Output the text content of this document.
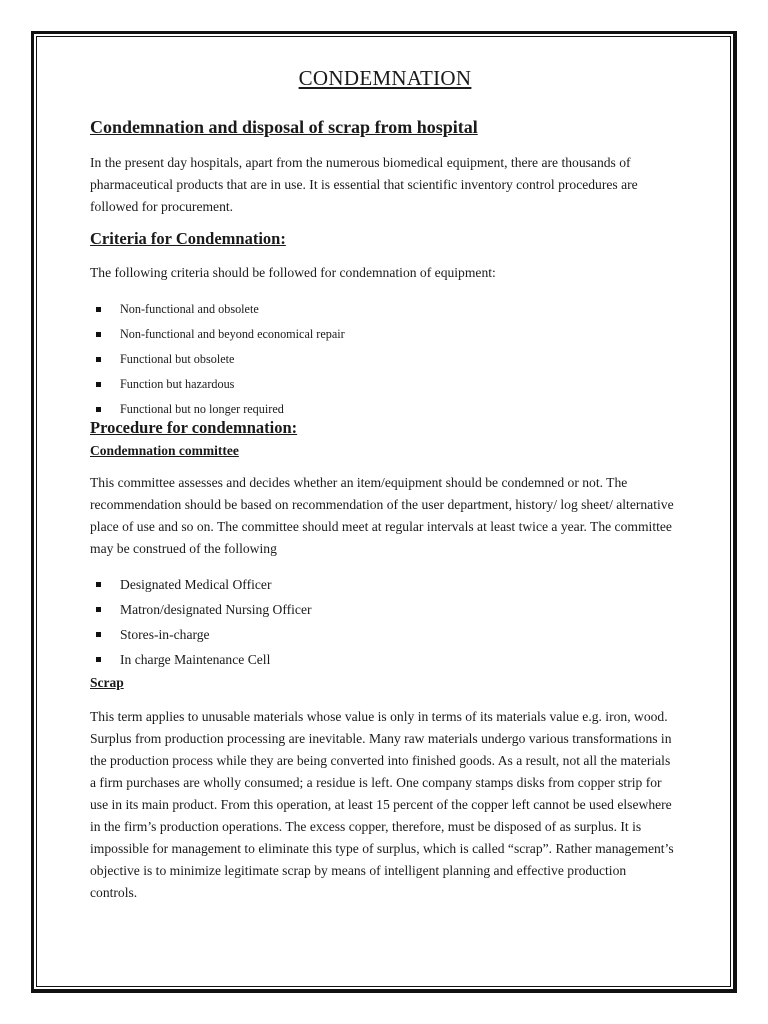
CONDEMNATION
Condemnation and disposal of scrap from hospital

In the present day hospitals, apart from the numerous biomedical equipment, there are thousands of pharmaceutical products that are in use. It is essential that scientific inventory control procedures are followed for procurement.

Criteria for Condemnation:

The following criteria should be followed for condemnation of equipment:

Non-functional and obsolete
Non-functional and beyond economical repair
Functional but obsolete
Function but hazardous
Functional but no longer required
Procedure for condemnation:
Condemnation committee

This committee assesses and decides whether an item/equipment should be condemned or not. The recommendation should be based on recommendation of the user department, history/ log sheet/ alternative place of use and so on. The committee should meet at regular intervals at least twice a year. The committee may be construed of the following

Designated Medical Officer
Matron/designated Nursing Officer
Stores-in-charge
In charge Maintenance Cell
Scrap

This term applies to unusable materials whose value is only in terms of its materials value e.g. iron, wood. Surplus from production processing are inevitable. Many raw materials undergo various transformations in the production process while they are being converted into finished goods. As a result, not all the materials a firm purchases are wholly consumed; a residue is left. One company stamps disks from copper strip for use in its main product. From this operation, at least 15 percent of the copper left cannot be used elsewhere in the firm’s production operations. The excess copper, therefore, must be disposed of as surplus. It is impossible for management to eliminate this type of surplus, which is called “scrap”. Rather management’s objective is to minimize legitimate scrap by means of intelligent planning and effective production controls.
